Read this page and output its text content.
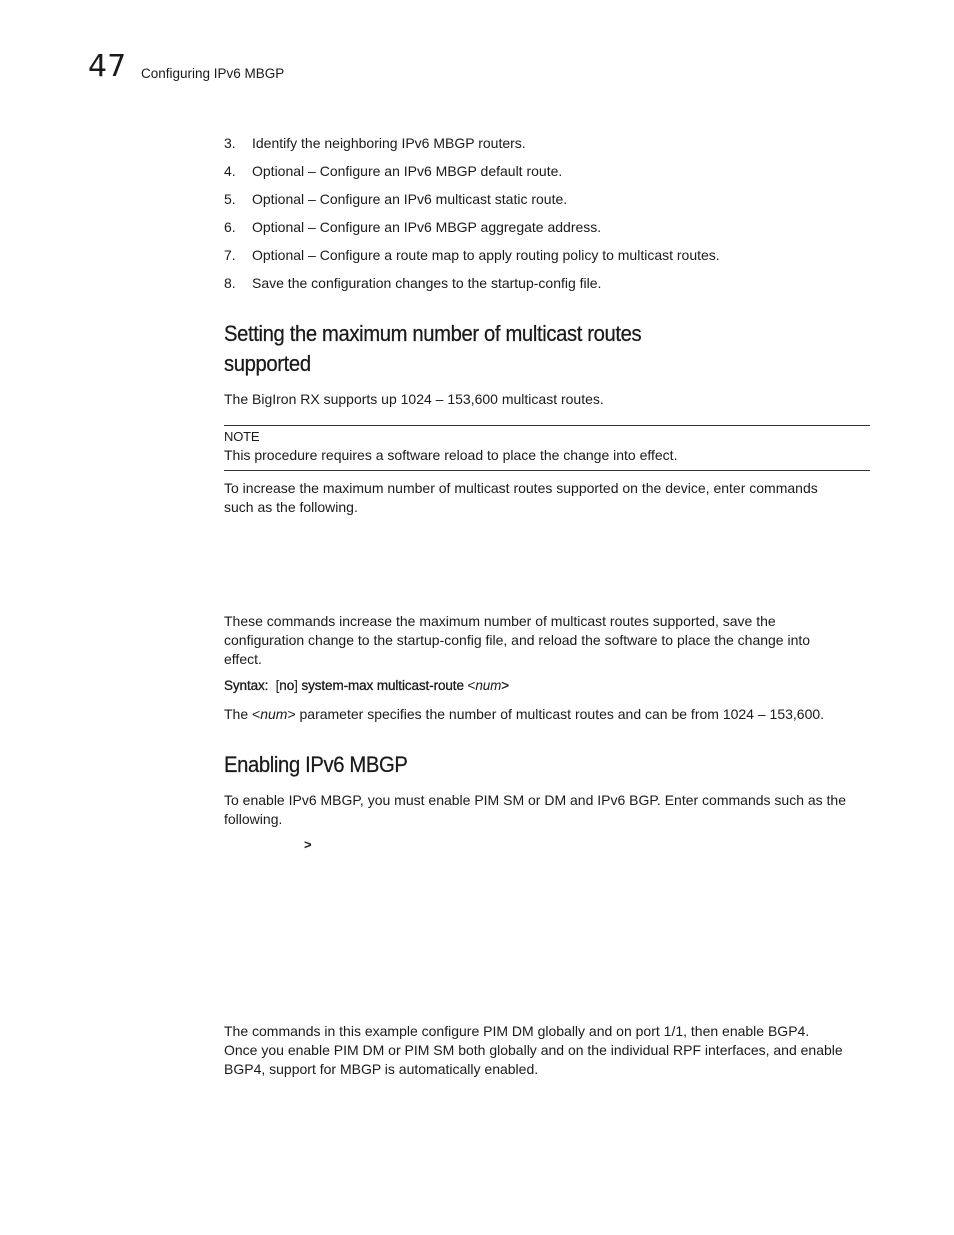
47 Configuring IPv6 MBGP
3. Identify the neighboring IPv6 MBGP routers.
4. Optional – Configure an IPv6 MBGP default route.
5. Optional – Configure an IPv6 multicast static route.
6. Optional – Configure an IPv6 MBGP aggregate address.
7. Optional – Configure a route map to apply routing policy to multicast routes.
8. Save the configuration changes to the startup-config file.
Setting the maximum number of multicast routes
supported

The BigIron RX supports up 1024 – 153,600 multicast routes.

NOTE
This procedure requires a software reload to place the change into effect.
To increase the maximum number of multicast routes supported on the device, enter commands
such as the following.
These commands increase the maximum number of multicast routes supported, save the
configuration change to the startup-config file, and reload the software to place the change into
effect.
Syntax: [no] system-max multicast-route <num>
The <num> parameter specifies the number of multicast routes and can be from 1024 – 153,600.
Enabling IPv6 MBGP
To enable IPv6 MBGP, you must enable PIM SM or DM and IPv6 BGP. Enter commands such as the
following.
>
The commands in this example configure PIM DM globally and on port 1/1, then enable BGP4.
Once you enable PIM DM or PIM SM both globally and on the individual RPF interfaces, and enable
BGP4, support for MBGP is automatically enabled.
